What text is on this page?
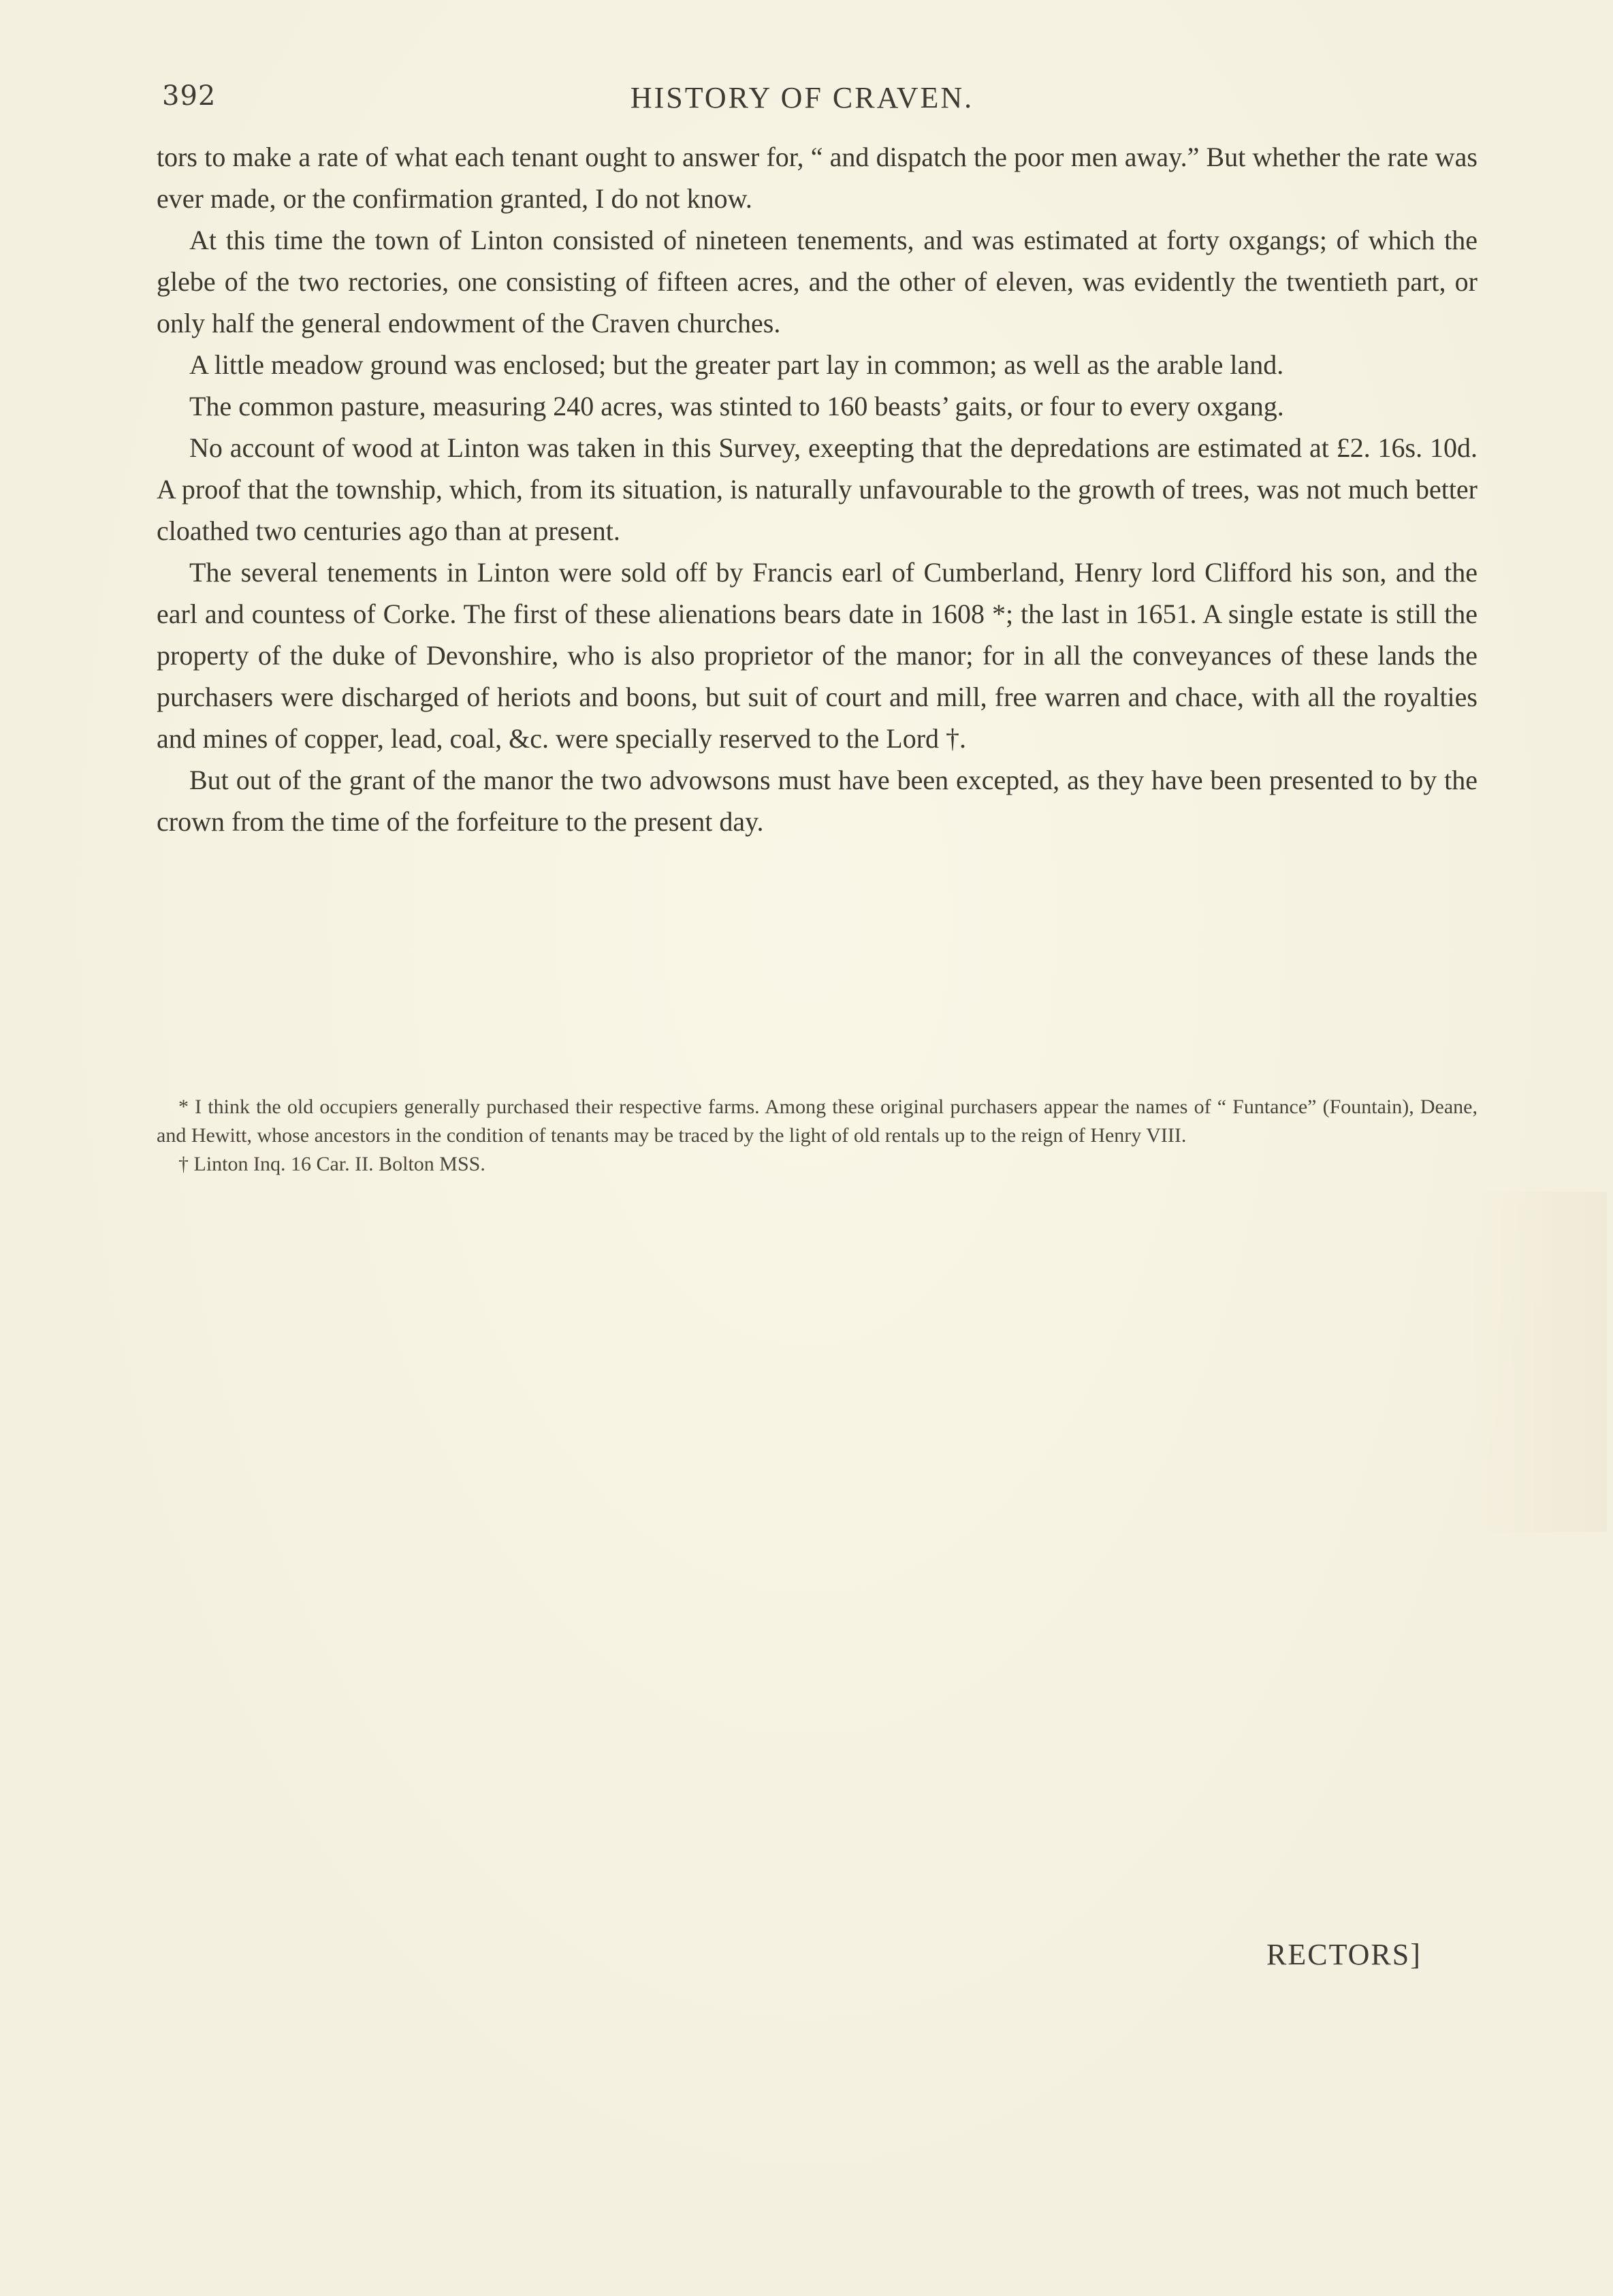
392	HISTORY OF CRAVEN.

tors to make a rate of what each tenant ought to answer for, “ and dispatch the poor men away.” But whether the rate was ever made, or the confirmation granted, I do not know.

At this time the town of Linton consisted of nineteen tenements, and was estimated at forty oxgangs; of which the glebe of the two rectories, one consisting of fifteen acres, and the other of eleven, was evidently the twentieth part, or only half the general endowment of the Craven churches.

A little meadow ground was enclosed; but the greater part lay in common; as well as the arable land.

The common pasture, measuring 240 acres, was stinted to 160 beasts’ gaits, or four to every oxgang.

No account of wood at Linton was taken in this Survey, exeepting that the depredations are estimated at £2. 16s. 10d. A proof that the township, which, from its situation, is naturally unfavourable to the growth of trees, was not much better cloathed two centuries ago than at present.

The several tenements in Linton were sold off by Francis earl of Cumberland, Henry lord Clifford his son, and the earl and countess of Corke. The first of these alienations bears date in 1608 *; the last in 1651. A single estate is still the property of the duke of Devonshire, who is also proprietor of the manor; for in all the conveyances of these lands the purchasers were discharged of heriots and boons, but suit of court and mill, free warren and chace, with all the royalties and mines of copper, lead, coal, &c. were specially reserved to the Lord †.

But out of the grant of the manor the two advowsons must have been excepted, as they have been presented to by the crown from the time of the forfeiture to the present day.

* I think the old occupiers generally purchased their respective farms. Among these original purchasers appear the names of “ Funtance” (Fountain), Deane, and Hewitt, whose ancestors in the condition of tenants may be traced by the light of old rentals up to the reign of Henry VIII.

† Linton Inq. 16 Car. II. Bolton MSS.

RECTORS]
